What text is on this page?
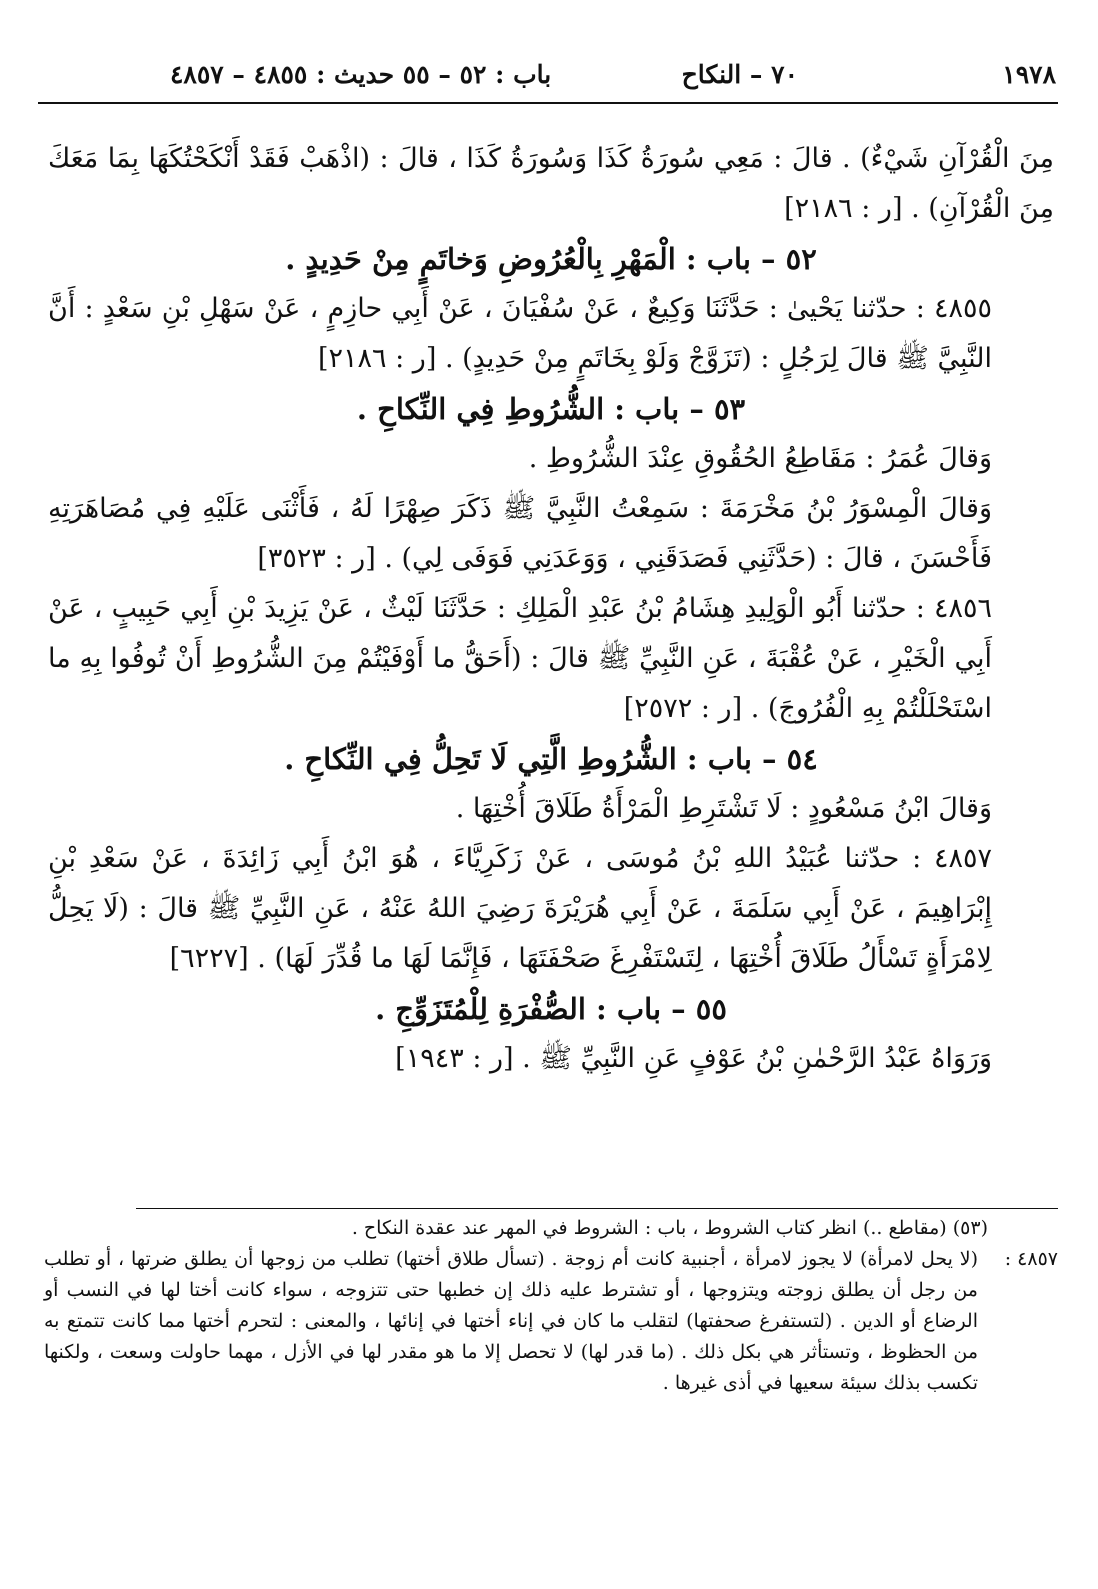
١٩٧٨
٧٠ – النكاح
باب : ٥٢ – ٥٥ حديث : ٤٨٥٥ – ٤٨٥٧

مِنَ الْقُرْآنِ شَيْءٌ) . قالَ : مَعِي سُورَةُ كَذَا وَسُورَةُ كَذَا ، قالَ : (اذْهَبْ فَقَدْ أَنْكَحْتُكَهَا بِمَا مَعَكَ مِنَ الْقُرْآنِ) . [ر : ٢١٨٦]

٥٢ – باب : الْمَهْرِ بِالْعُرُوضِ وَخاتَمٍ مِنْ حَدِيدٍ .

٤٨٥٥ : حدّثنا يَحْيىٰ : حَدَّثَنَا وَكِيعٌ ، عَنْ سُفْيَانَ ، عَنْ أَبِي حازِمٍ ، عَنْ سَهْلِ بْنِ سَعْدٍ : أَنَّ النَّبِيَّ ﷺ قالَ لِرَجُلٍ : (تَزَوَّجْ وَلَوْ بِخَاتَمٍ مِنْ حَدِيدٍ) . [ر : ٢١٨٦]

٥٣ – باب : الشُّرُوطِ فِي النِّكاحِ .

وَقالَ عُمَرُ : مَقَاطِعُ الحُقُوقِ عِنْدَ الشُّرُوطِ .

وَقالَ الْمِسْوَرُ بْنُ مَخْرَمَةَ : سَمِعْتُ النَّبِيَّ ﷺ ذَكَرَ صِهْرًا لَهُ ، فَأَثْنَى عَلَيْهِ فِي مُصَاهَرَتِهِ فَأَحْسَنَ ، قالَ : (حَدَّثَنِي فَصَدَقَنِي ، وَوَعَدَنِي فَوَفَى لِي) . [ر : ٣٥٢٣]

٤٨٥٦ : حدّثنا أَبُو الْوَلِيدِ هِشَامُ بْنُ عَبْدِ الْمَلِكِ : حَدَّثَنَا لَيْثٌ ، عَنْ يَزِيدَ بْنِ أَبِي حَبِيبٍ ، عَنْ أَبِي الْخَيْرِ ، عَنْ عُقْبَةَ ، عَنِ النَّبِيِّ ﷺ قالَ : (أَحَقُّ ما أَوْفَيْتُمْ مِنَ الشُّرُوطِ أَنْ تُوفُوا بِهِ ما اسْتَحْلَلْتُمْ بِهِ الْفُرُوجَ) . [ر : ٢٥٧٢]

٥٤ – باب : الشُّرُوطِ الَّتِي لَا تَحِلُّ فِي النِّكاحِ .

وَقالَ ابْنُ مَسْعُودٍ : لَا تَشْتَرِطِ الْمَرْأَةُ طَلَاقَ أُخْتِهَا .

٤٨٥٧ : حدّثنا عُبَيْدُ اللهِ بْنُ مُوسَى ، عَنْ زَكَرِيَّاءَ ، هُوَ ابْنُ أَبِي زَائِدَةَ ، عَنْ سَعْدِ بْنِ إِبْرَاهِيمَ ، عَنْ أَبِي سَلَمَةَ ، عَنْ أَبِي هُرَيْرَةَ رَضِيَ اللهُ عَنْهُ ، عَنِ النَّبِيِّ ﷺ قالَ : (لَا يَحِلُّ لِامْرَأَةٍ تَسْأَلُ طَلَاقَ أُخْتِهَا ، لِتَسْتَفْرِغَ صَحْفَتَهَا ، فَإِنَّمَا لَهَا ما قُدِّرَ لَهَا) . [٦٢٢٧]

٥٥ – باب : الصُّفْرَةِ لِلْمُتَزَوِّجِ .

وَرَوَاهُ عَبْدُ الرَّحْمٰنِ بْنُ عَوْفٍ عَنِ النَّبِيِّ ﷺ . [ر : ١٩٤٣]

(٥٣) (مقاطع ..) انظر كتاب الشروط ، باب : الشروط في المهر عند عقدة النكاح .

٤٨٥٧ :

(لا يحل لامرأة) لا يجوز لامرأة ، أجنبية كانت أم زوجة . (تسأل طلاق أختها) تطلب من زوجها أن يطلق ضرتها ، أو تطلب من رجل أن يطلق زوجته ويتزوجها ، أو تشترط عليه ذلك إن خطبها حتى تتزوجه ، سواء كانت أختا لها في النسب أو الرضاع أو الدين . (لتستفرغ صحفتها) لتقلب ما كان في إناء أختها في إنائها ، والمعنى : لتحرم أختها مما كانت تتمتع به من الحظوظ ، وتستأثر هي بكل ذلك . (ما قدر لها) لا تحصل إلا ما هو مقدر لها في الأزل ، مهما حاولت وسعت ، ولكنها تكسب بذلك سيئة سعيها في أذى غيرها .
